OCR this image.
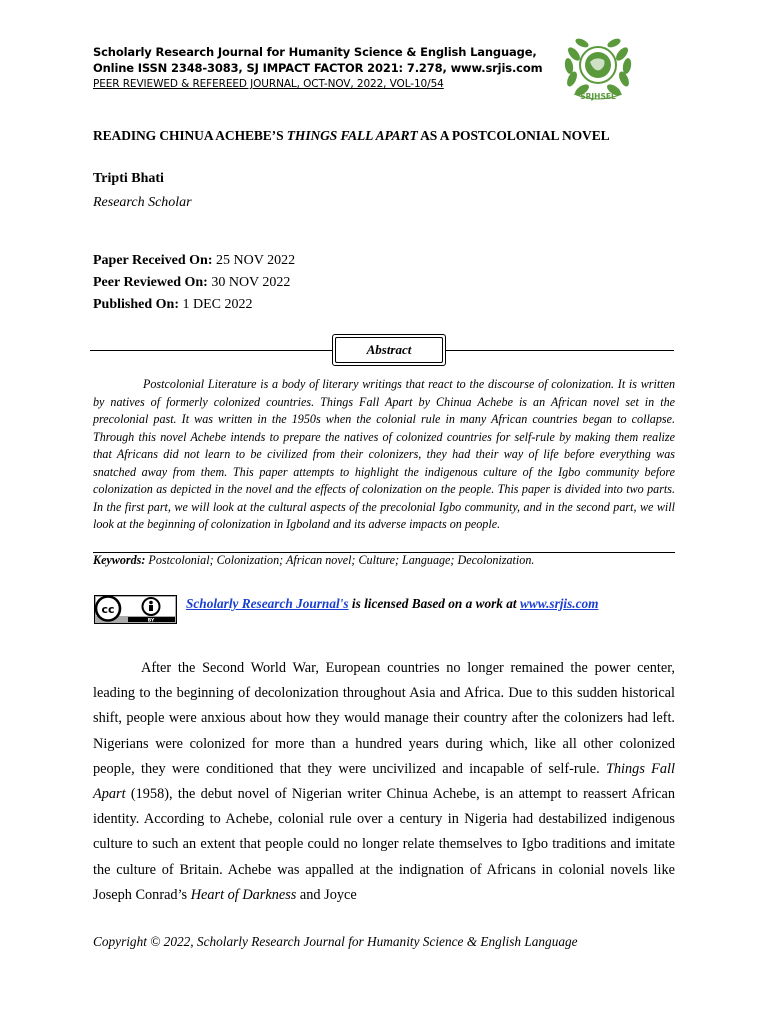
Scholarly Research Journal for Humanity Science & English Language,
Online ISSN 2348-3083, SJ IMPACT FACTOR 2021: 7.278, www.srjis.com
PEER REVIEWED & REFEREED JOURNAL, OCT-NOV, 2022, VOL-10/54
SRJHSEL
READING CHINUA ACHEBE’S THINGS FALL APART AS A POSTCOLONIAL NOVEL
Tripti Bhati
Research Scholar
Paper Received On: 25 NOV 2022
Peer Reviewed On: 30 NOV 2022
Published On: 1 DEC 2022
Abstract

Postcolonial Literature is a body of literary writings that react to the discourse of colonization. It is written by natives of formerly colonized countries. Things Fall Apart by Chinua Achebe is an African novel set in the precolonial past. It was written in the 1950s when the colonial rule in many African countries began to collapse. Through this novel Achebe intends to prepare the natives of colonized countries for self-rule by making them realize that Africans did not learn to be civilized from their colonizers, they had their way of life before everything was snatched away from them. This paper attempts to highlight the indigenous culture of the Igbo community before colonization as depicted in the novel and the effects of colonization on the people. This paper is divided into two parts. In the first part, we will look at the cultural aspects of the precolonial Igbo community, and in the second part, we will look at the beginning of colonization in Igboland and its adverse impacts on people.

Keywords: Postcolonial; Colonization; African novel; Culture; Language; Decolonization.
cc
BY
Scholarly Research Journal's is licensed Based on a work at www.srjis.com

After the Second World War, European countries no longer remained the power center, leading to the beginning of decolonization throughout Asia and Africa. Due to this sudden historical shift, people were anxious about how they would manage their country after the colonizers had left. Nigerians were colonized for more than a hundred years during which, like all other colonized people, they were conditioned that they were uncivilized and incapable of self-rule. Things Fall Apart (1958), the debut novel of Nigerian writer Chinua Achebe, is an attempt to reassert African identity. According to Achebe, colonial rule over a century in Nigeria had destabilized indigenous culture to such an extent that people could no longer relate themselves to Igbo traditions and imitate the culture of Britain. Achebe was appalled at the indignation of Africans in colonial novels like Joseph Conrad’s Heart of Darkness and Joyce

Copyright © 2022, Scholarly Research Journal for Humanity Science & English Language
